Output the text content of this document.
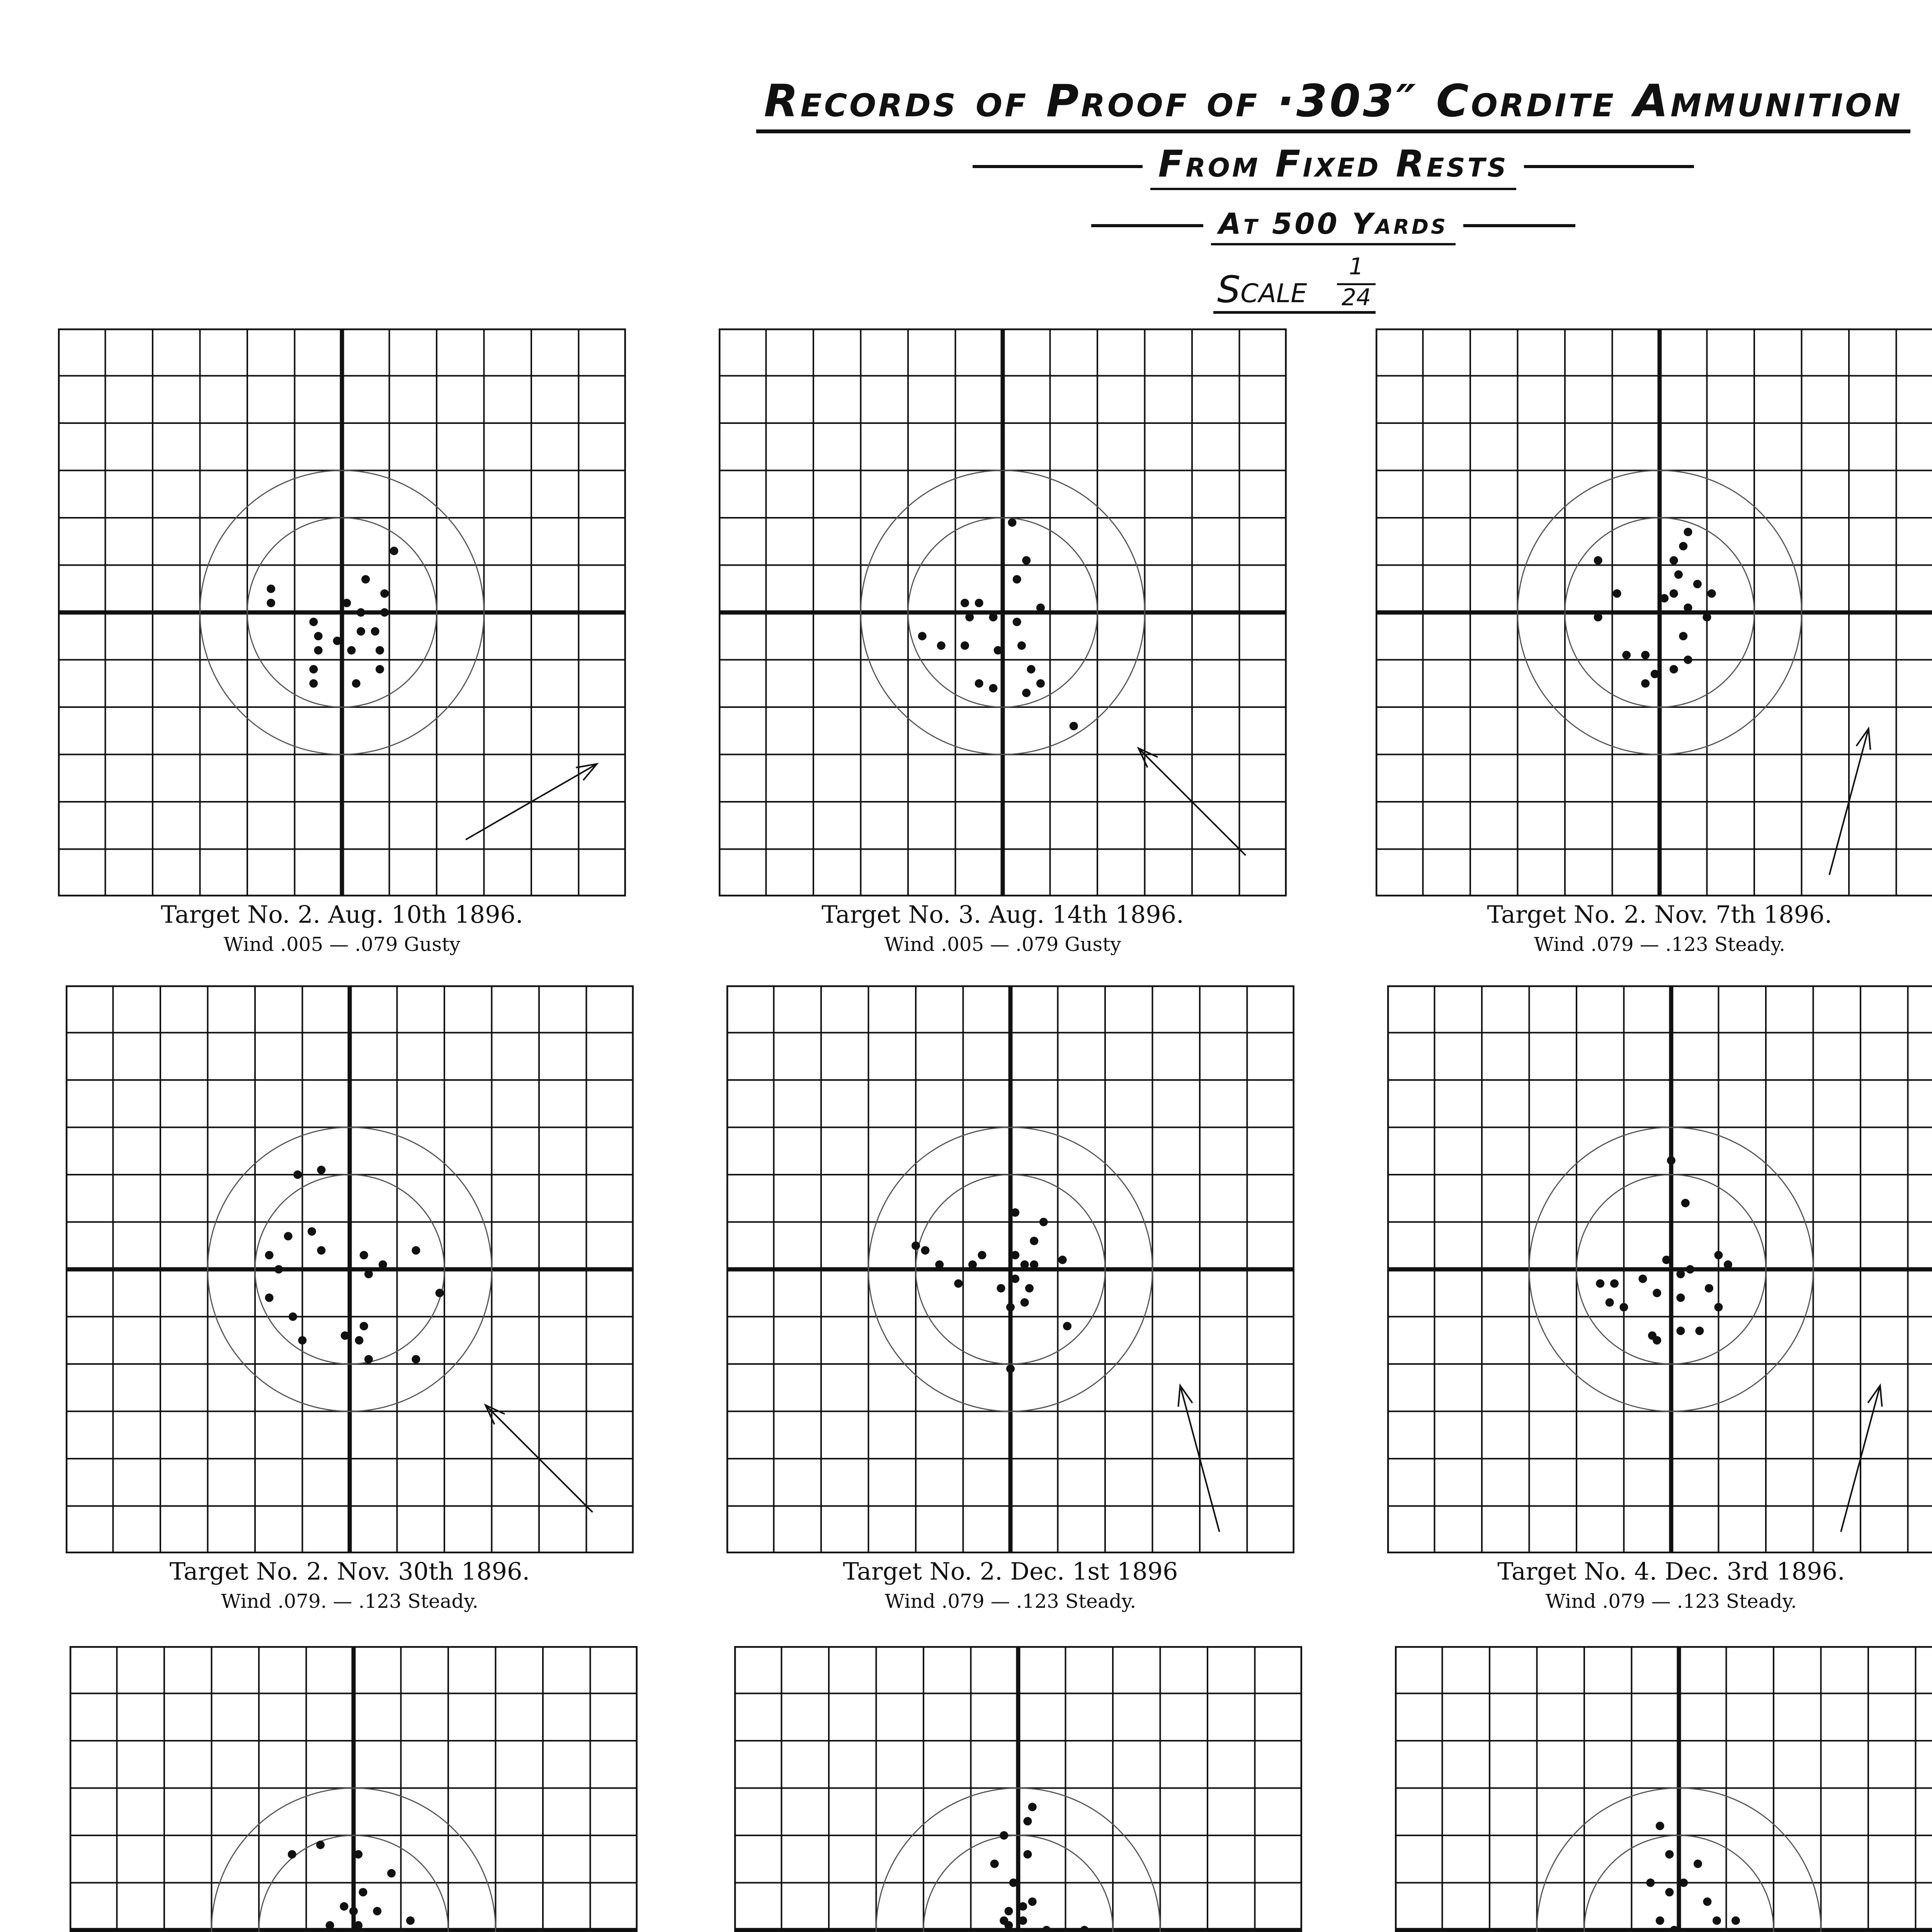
Records of Proof of ·303″ Cordite Ammunition
From Fixed Rests
At 500 Yards
Scale
1
24
Target No. 2. Aug. 10th 1896.
Wind .005 — .079 Gusty
Target No. 3. Aug. 14th 1896.
Wind .005 — .079 Gusty
Target No. 2. Nov. 7th 1896.
Wind .079 — .123 Steady.
Target No. 2. Nov. 30th 1896.
Wind .079. — .123 Steady.
Target No. 2. Dec. 1st 1896
Wind .079 — .123 Steady.
Target No. 4. Dec. 3rd 1896.
Wind .079 — .123 Steady.
